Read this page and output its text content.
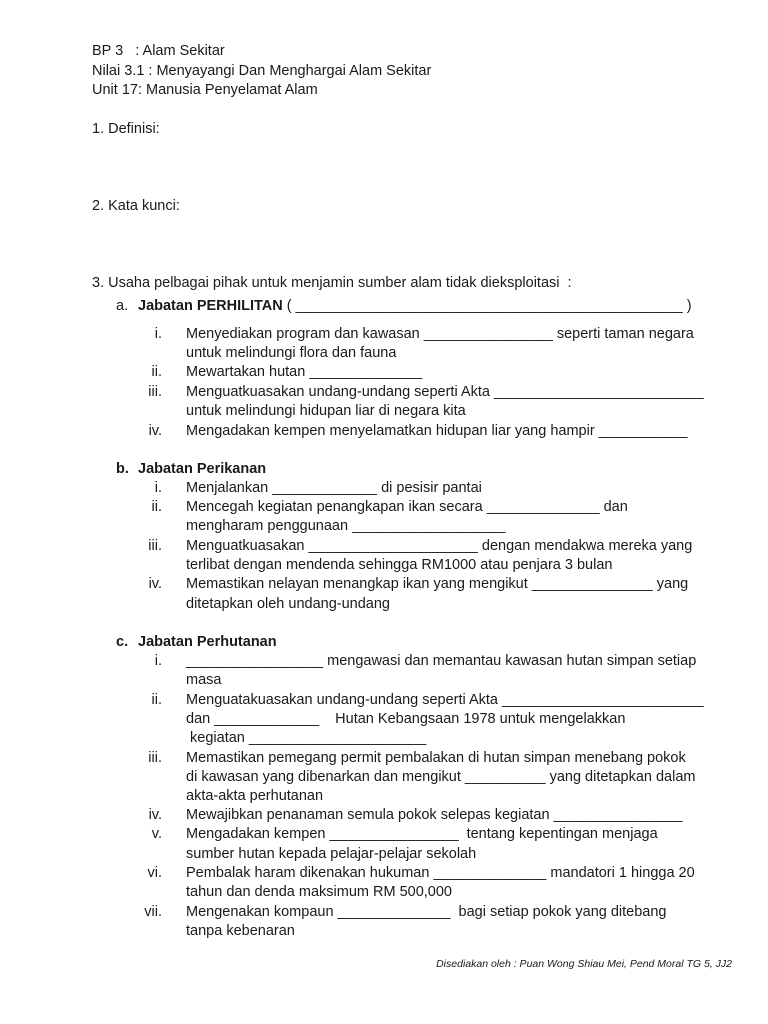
BP 3   : Alam Sekitar
Nilai 3.1 : Menyayangi Dan Menghargai Alam Sekitar
Unit 17: Manusia Penyelamat Alam
1. Definisi:
2. Kata kunci:
3. Usaha pelbagai pihak untuk menjamin sumber alam tidak dieksploitasi  :
a. Jabatan PERHILITAN ( ________________________________________________ )
i. Menyediakan program dan kawasan ________________ seperti taman negara
untuk melindungi flora dan fauna
ii. Mewartakan hutan ______________
iii. Menguatkuasakan undang-undang seperti Akta __________________________
untuk melindungi hidupan liar di negara kita
iv. Mengadakan kempen menyelamatkan hidupan liar yang hampir ___________
b. Jabatan Perikanan
i. Menjalankan _____________ di pesisir pantai
ii. Mencegah kegiatan penangkapan ikan secara ______________ dan
mengharam penggunaan ___________________
iii. Menguatkuasakan _____________________ dengan mendakwa mereka yang
terlibat dengan mendenda sehingga RM1000 atau penjara 3 bulan
iv. Memastikan nelayan menangkap ikan yang mengikut _______________ yang
ditetapkan oleh undang-undang
c. Jabatan Perhutanan
i. _________________ mengawasi dan memantau kawasan hutan simpan setiap
masa
ii. Menguatakuasakan undang-undang seperti Akta _________________________
dan _____________    Hutan Kebangsaan 1978 untuk mengelakkan
kegiatan ______________________
iii. Memastikan pemegang permit pembalakan di hutan simpan menebang pokok
di kawasan yang dibenarkan dan mengikut __________ yang ditetapkan dalam
akta-akta perhutanan
iv. Mewajibkan penanaman semula pokok selepas kegiatan ________________
v. Mengadakan kempen ________________  tentang kepentingan menjaga
sumber hutan kepada pelajar-pelajar sekolah
vi. Pembalak haram dikenakan hukuman ______________ mandatori 1 hingga 20
tahun dan denda maksimum RM 500,000
vii. Mengenakan kompaun ______________  bagi setiap pokok yang ditebang
tanpa kebenaran
Disediakan oleh : Puan Wong Shiau Mei, Pend Moral TG 5, JJ2
